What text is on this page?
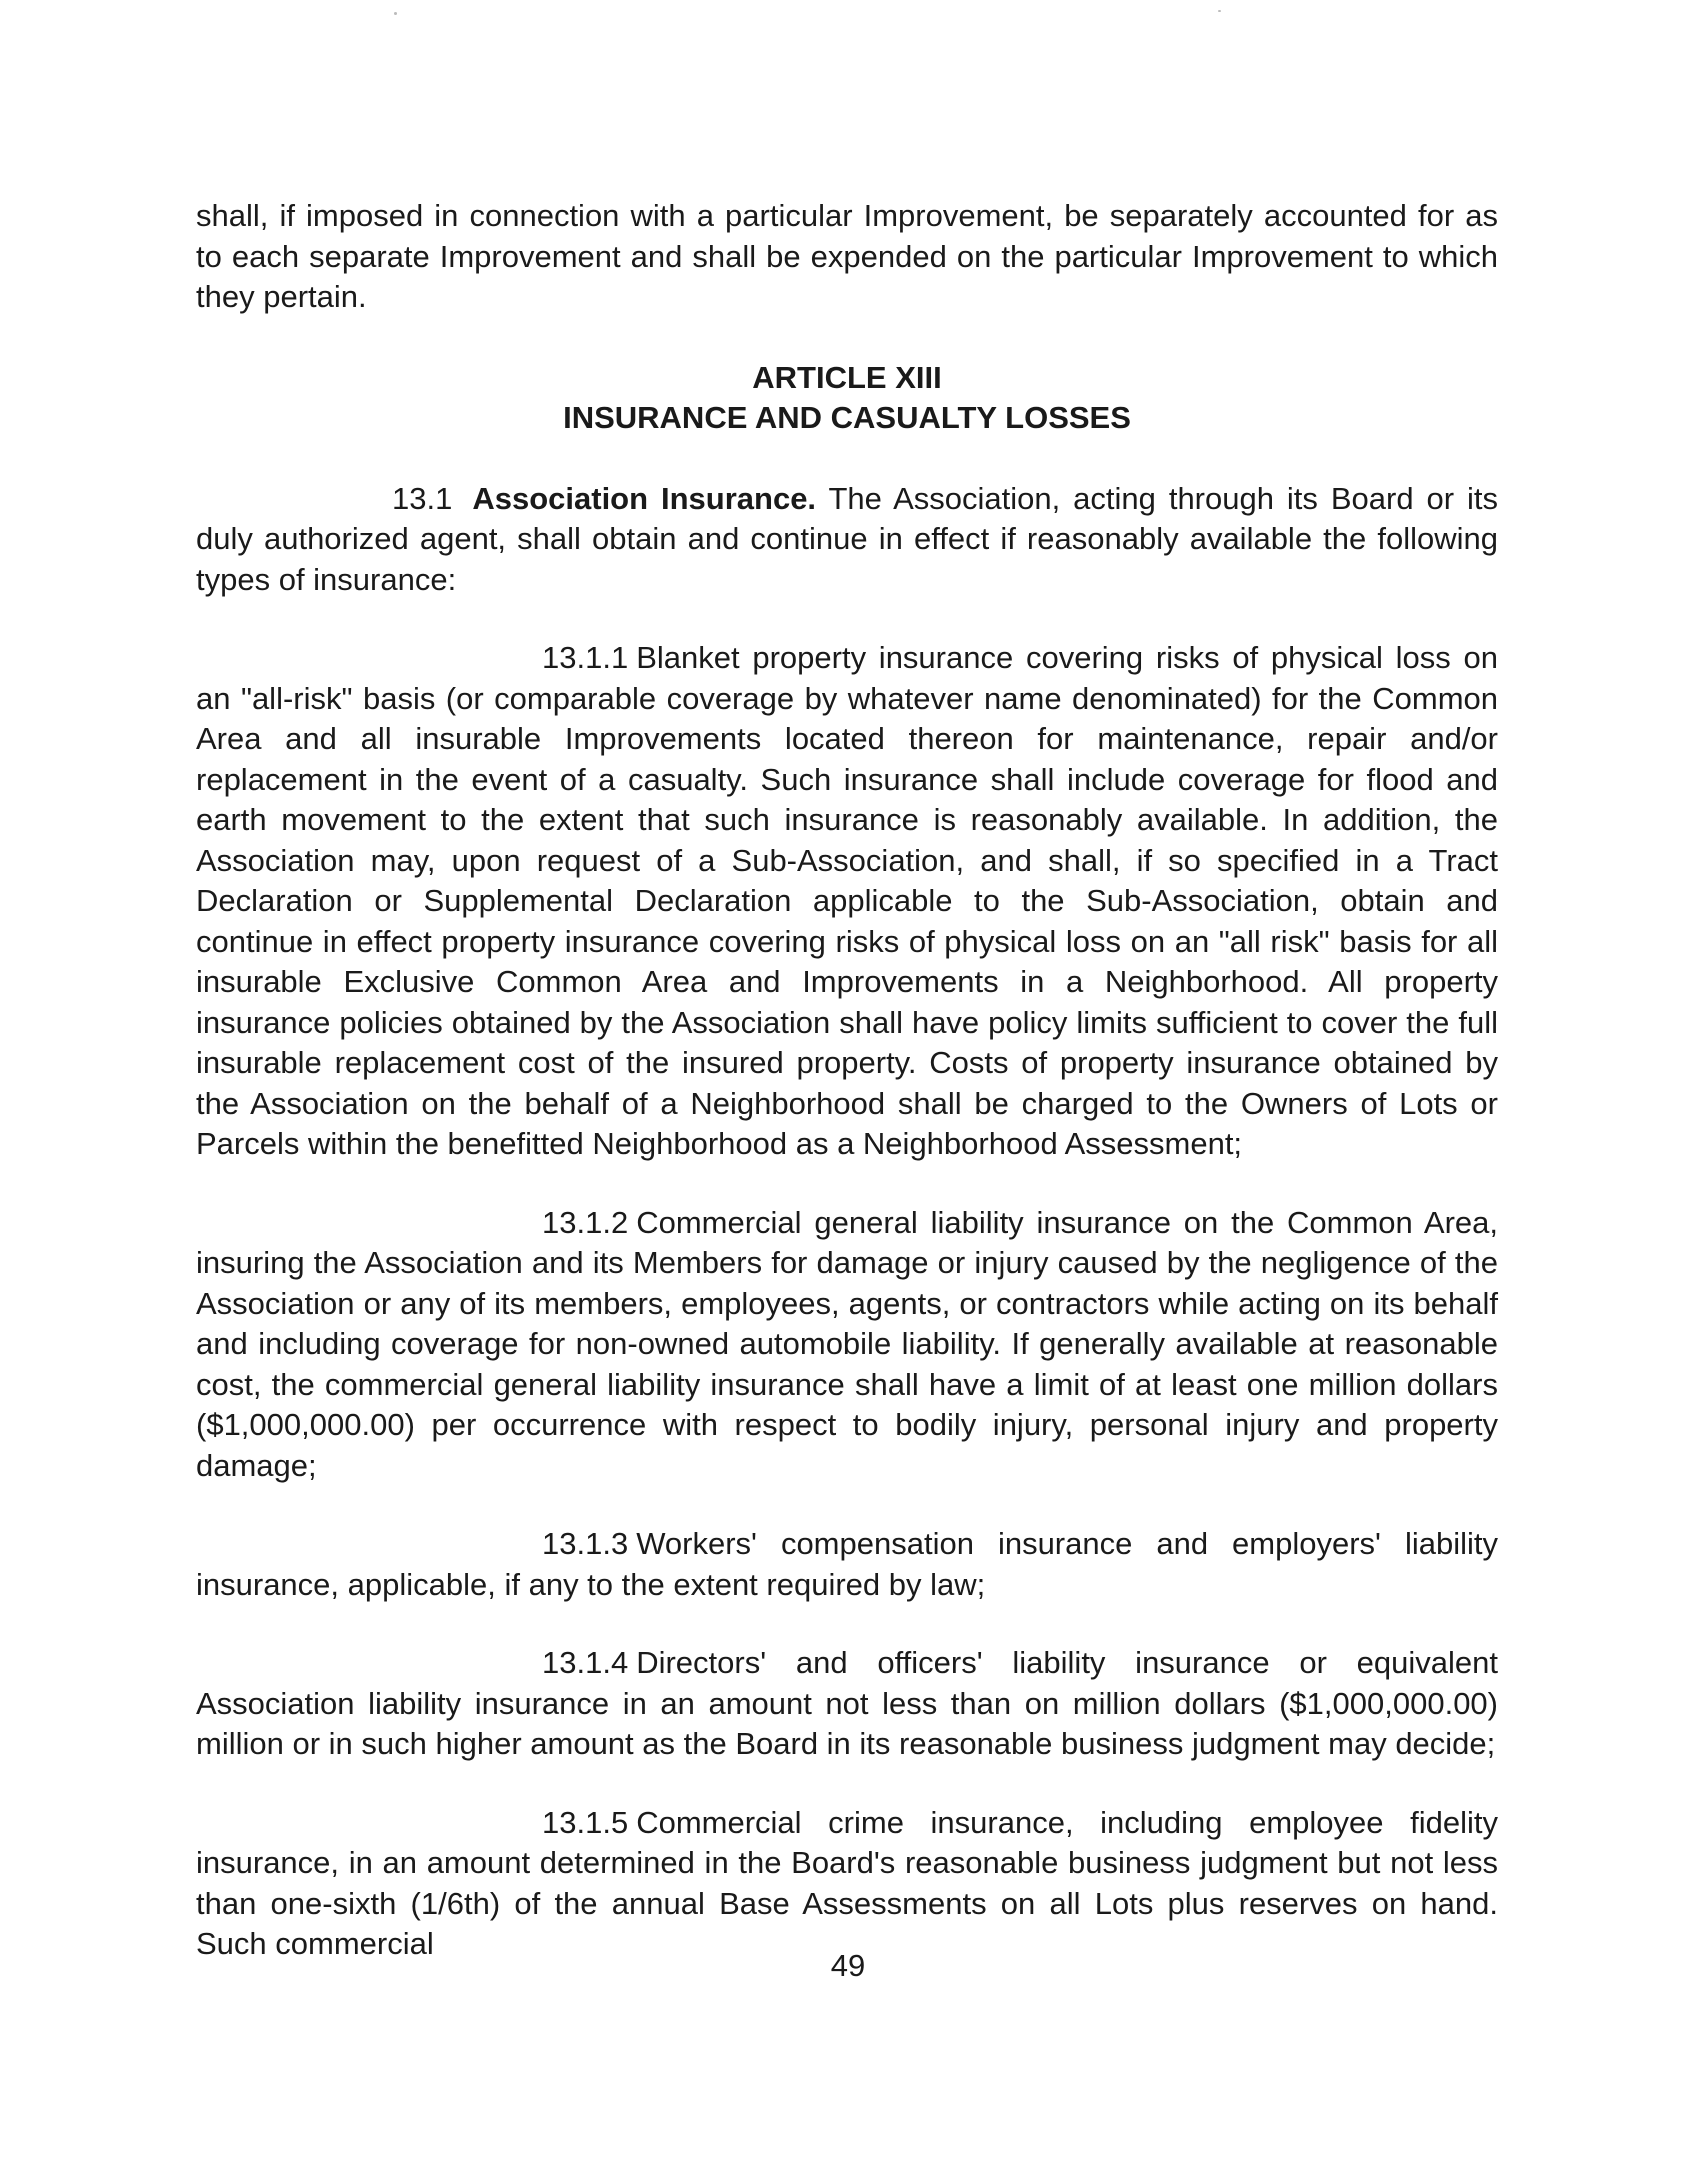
shall, if imposed in connection with a particular Improvement, be separately accounted for as to each separate Improvement and shall be expended on the particular Improvement to which they pertain.

ARTICLE XIII

INSURANCE AND CASUALTY LOSSES

13.1 Association Insurance. The Association, acting through its Board or its duly authorized agent, shall obtain and continue in effect if reasonably available the following types of insurance:

13.1.1 Blanket property insurance covering risks of physical loss on an "all-risk" basis (or comparable coverage by whatever name denominated) for the Common Area and all insurable Improvements located thereon for maintenance, repair and/or replacement in the event of a casualty. Such insurance shall include coverage for flood and earth movement to the extent that such insurance is reasonably available. In addition, the Association may, upon request of a Sub-Association, and shall, if so specified in a Tract Declaration or Supplemental Declaration applicable to the Sub-Association, obtain and continue in effect property insurance covering risks of physical loss on an "all risk" basis for all insurable Exclusive Common Area and Improvements in a Neighborhood. All property insurance policies obtained by the Association shall have policy limits sufficient to cover the full insurable replacement cost of the insured property. Costs of property insurance obtained by the Association on the behalf of a Neighborhood shall be charged to the Owners of Lots or Parcels within the benefitted Neighborhood as a Neighborhood Assessment;

13.1.2 Commercial general liability insurance on the Common Area, insuring the Association and its Members for damage or injury caused by the negligence of the Association or any of its members, employees, agents, or contractors while acting on its behalf and including coverage for non-owned automobile liability. If generally available at reasonable cost, the commercial general liability insurance shall have a limit of at least one million dollars ($1,000,000.00) per occurrence with respect to bodily injury, personal injury and property damage;

13.1.3 Workers' compensation insurance and employers' liability insurance, applicable, if any to the extent required by law;

13.1.4 Directors' and officers' liability insurance or equivalent Association liability insurance in an amount not less than on million dollars ($1,000,000.00) million or in such higher amount as the Board in its reasonable business judgment may decide;

13.1.5 Commercial crime insurance, including employee fidelity insurance, in an amount determined in the Board's reasonable business judgment but not less than one-sixth (1/6th) of the annual Base Assessments on all Lots plus reserves on hand. Such commercial

49
